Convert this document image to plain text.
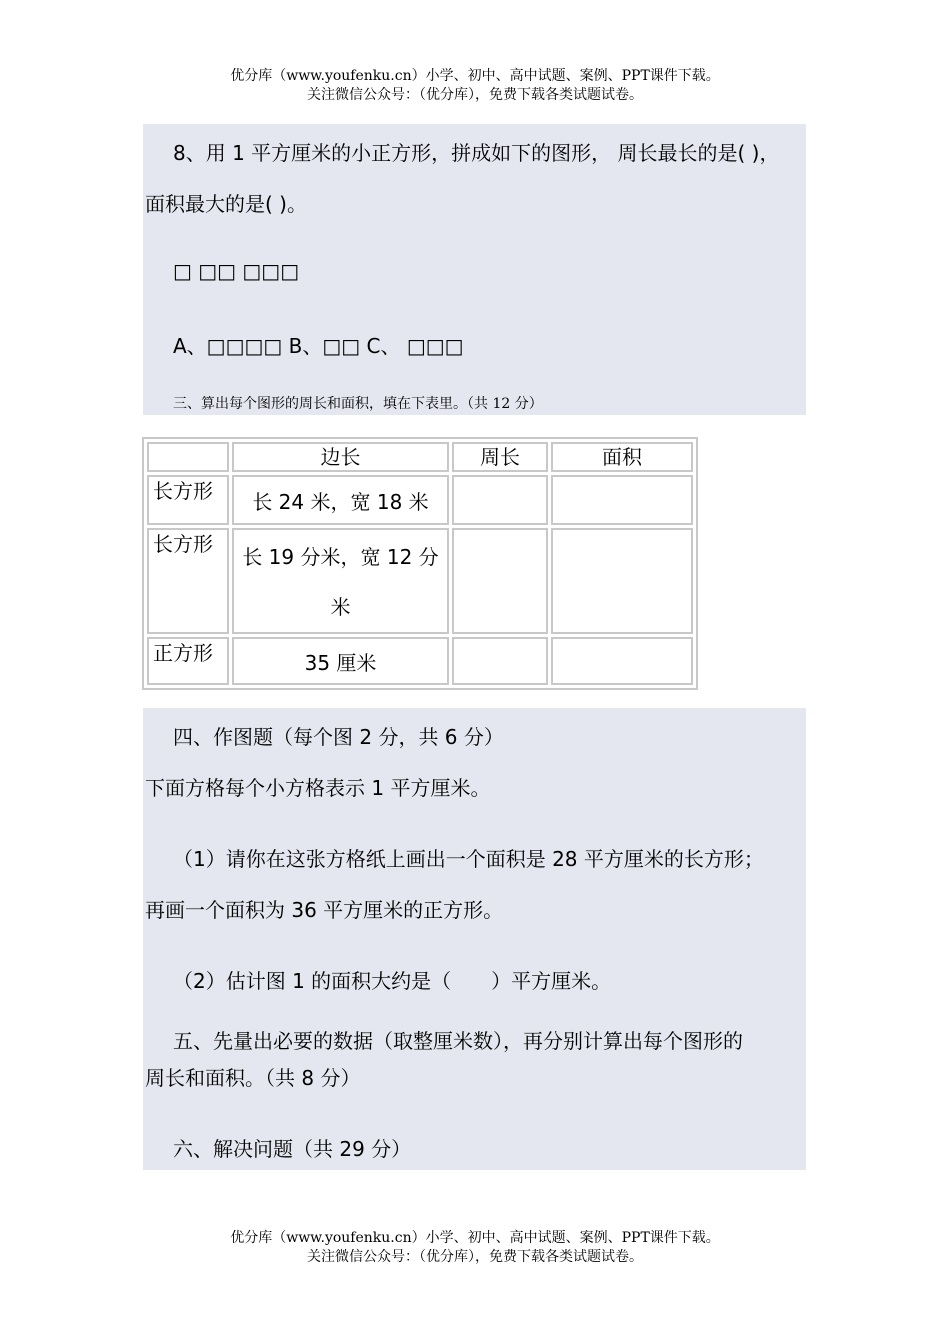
优分库（www.youfenku.cn）小学、初中、高中试题、案例、PPT课件下载。
关注微信公众号：（优分库），免费下载各类试题试卷。
8、用 1 平方厘米的小正方形，拼成如下的图形， 周长最长的是( )，
面积最大的是( )。
□ □□ □□□
A、□□□□ B、□□ C、 □□□
三、算出每个图形的周长和面积，填在下表里。（共 12 分）
	边长	周长	面积
长方形	长 24 米，宽 18 米		
长方形	长 19 分米，宽 12 分米		
正方形	35 厘米		
四、作图题（每个图 2 分，共 6 分）
下面方格每个小方格表示 1 平方厘米。
（1）请你在这张方格纸上画出一个面积是 28 平方厘米的长方形；
再画一个面积为 36 平方厘米的正方形。
（2）估计图 1 的面积大约是（　　）平方厘米。
五、先量出必要的数据（取整厘米数），再分别计算出每个图形的
周长和面积。（共 8 分）
六、解决问题（共 29 分）
优分库（www.youfenku.cn）小学、初中、高中试题、案例、PPT课件下载。
关注微信公众号：（优分库），免费下载各类试题试卷。
